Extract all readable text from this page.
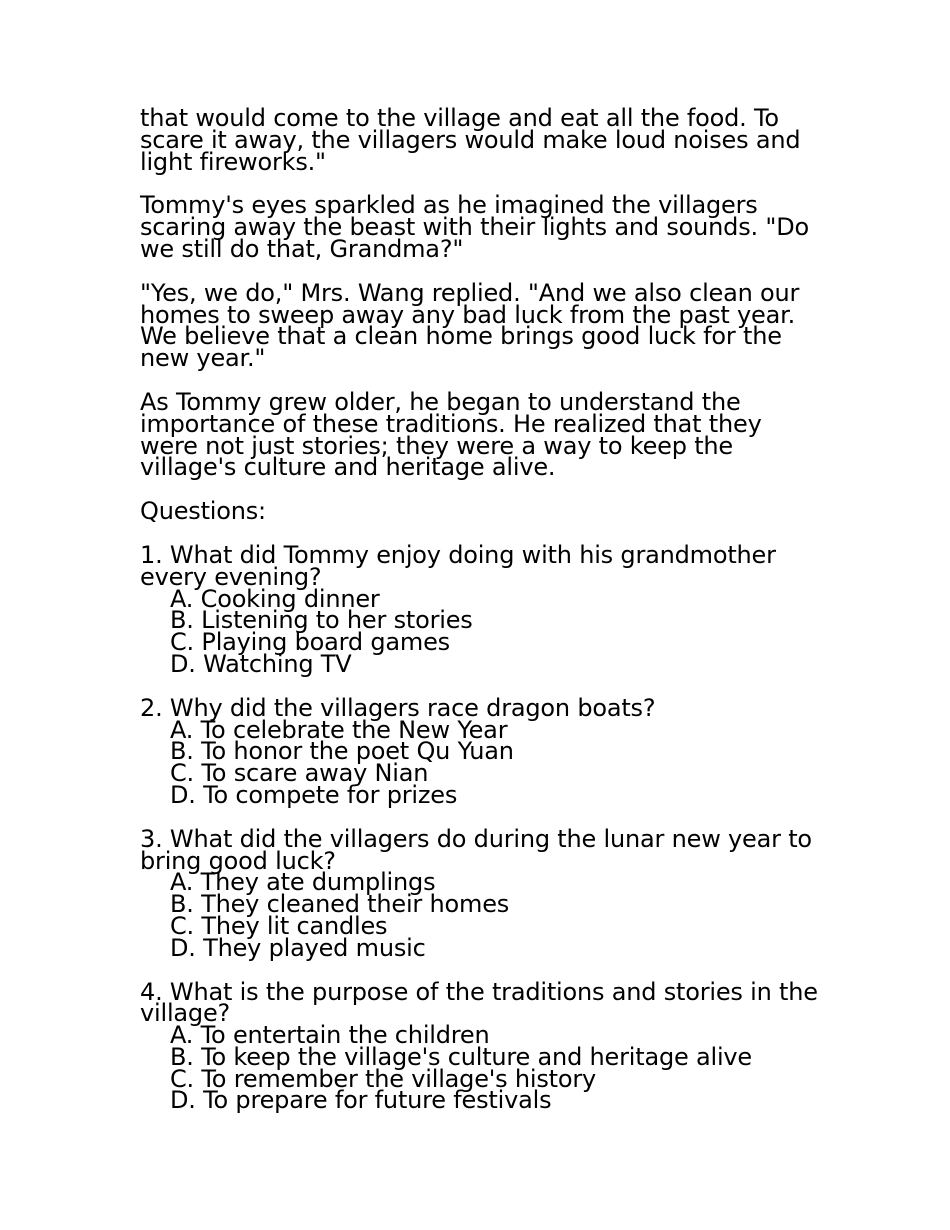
that would come to the village and eat all the food. To scare it away, the villagers would make loud noises and light fireworks."

Tommy's eyes sparkled as he imagined the villagers scaring away the beast with their lights and sounds. "Do we still do that, Grandma?"

"Yes, we do," Mrs. Wang replied. "And we also clean our homes to sweep away any bad luck from the past year. We believe that a clean home brings good luck for the new year."

As Tommy grew older, he began to understand the importance of these traditions. He realized that they were not just stories; they were a way to keep the village's culture and heritage alive.

Questions:

1. What did Tommy enjoy doing with his grandmother every evening?

A. Cooking dinner
B. Listening to her stories
C. Playing board games
D. Watching TV

2. Why did the villagers race dragon boats?

A. To celebrate the New Year
B. To honor the poet Qu Yuan
C. To scare away Nian
D. To compete for prizes

3. What did the villagers do during the lunar new year to bring good luck?

A. They ate dumplings
B. They cleaned their homes
C. They lit candles
D. They played music

4. What is the purpose of the traditions and stories in the village?

A. To entertain the children
B. To keep the village's culture and heritage alive
C. To remember the village's history
D. To prepare for future festivals
